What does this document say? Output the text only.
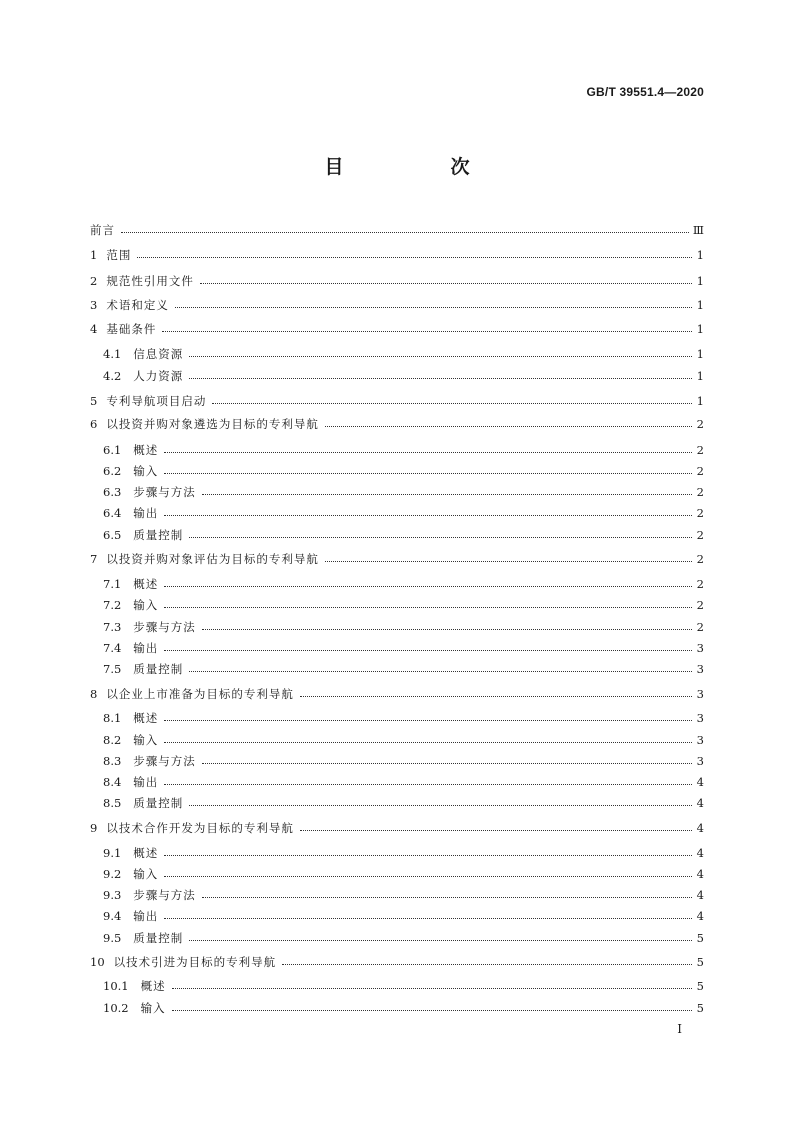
GB/T 39551.4—2020
目　次
前言	Ⅲ
1 范围	1
2 规范性引用文件	1
3 术语和定义	1
4 基础条件	1
4.1	信息资源	1
4.2	人力资源	1
5 专利导航项目启动	1
6 以投资并购对象遴选为目标的专利导航	2
6.1	概述	2
6.2	输入	2
6.3	步骤与方法	2
6.4	输出	2
6.5	质量控制	2
7 以投资并购对象评估为目标的专利导航	2
7.1	概述	2
7.2	输入	2
7.3	步骤与方法	2
7.4	输出	3
7.5	质量控制	3
8 以企业上市准备为目标的专利导航	3
8.1	概述	3
8.2	输入	3
8.3	步骤与方法	3
8.4	输出	4
8.5	质量控制	4
9 以技术合作开发为目标的专利导航	4
9.1	概述	4
9.2	输入	4
9.3	步骤与方法	4
9.4	输出	4
9.5	质量控制	5
10 以技术引进为目标的专利导航	5
10.1	概述	5
10.2	输入	5
I
